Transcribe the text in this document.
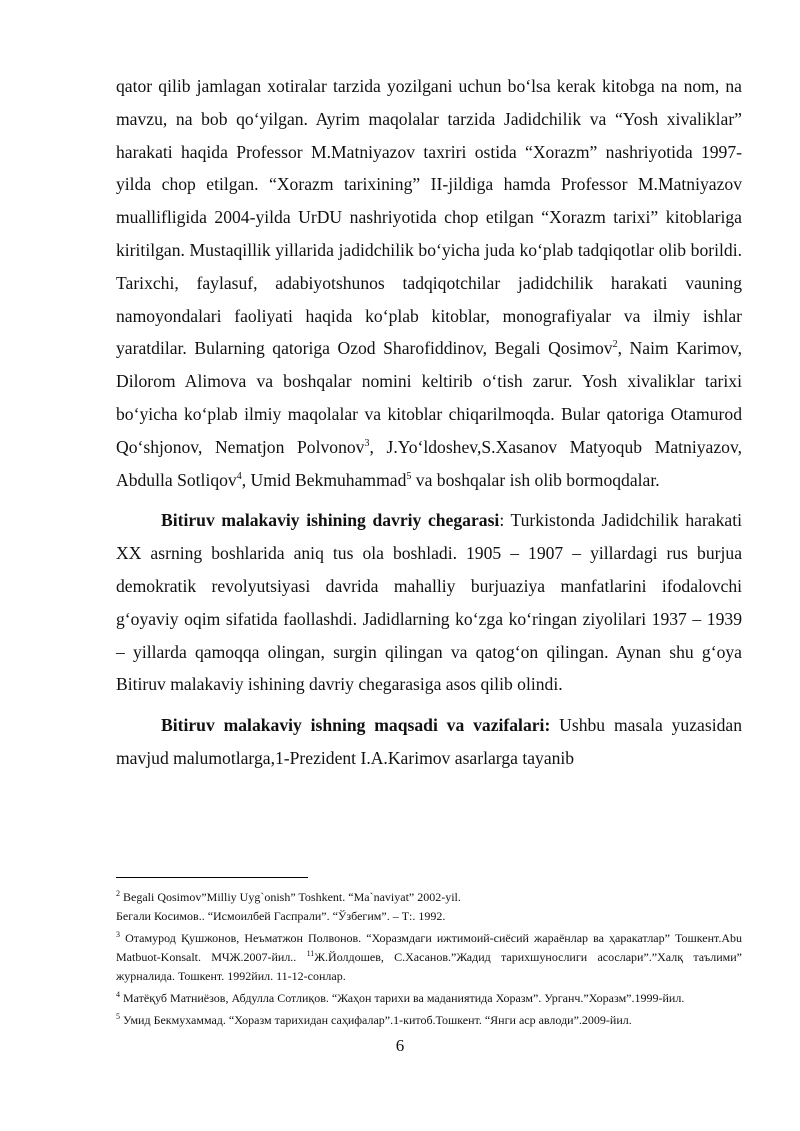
qator qilib jamlagan xotiralar tarzida yozilgani uchun bo‘lsa kerak kitobga na nom, na mavzu, na bob qo‘yilgan. Ayrim maqolalar tarzida Jadidchilik va “Yosh xivaliklar” harakati haqida Professor M.Matniyazov taxriri ostida “Xorazm” nashriyotida 1997-yilda chop etilgan. “Xorazm tarixining” II-jildiga hamda Professor M.Matniyazov muallifligida 2004-yilda UrDU nashriyotida chop etilgan “Xorazm tarixi” kitoblariga kiritilgan. Mustaqillik yillarida jadidchilik bo‘yicha juda ko‘plab tadqiqotlar olib borildi. Tarixchi, faylasuf, adabiyotshunos tadqiqotchilar jadidchilik harakati vauning namoyondalari faoliyati haqida ko‘plab kitoblar, monografiyalar va ilmiy ishlar yaratdilar. Bularning qatoriga Ozod Sharofiddinov, Begali Qosimov$^2$, Naim Karimov, Dilorom Alimova va boshqalar nomini keltirib o‘tish zarur. Yosh xivaliklar tarixi bo‘yicha ko‘plab ilmiy maqolalar va kitoblar chiqarilmoqda. Bular qatoriga Otamurod Qo‘shjonov, Nematjon Polvonov$^3$, J.Yo‘ldoshev,S.Xasanov Matyoqub Matniyazov, Abdulla Sotliqov$^4$, Umid Bekmuhammad$^5$ va boshqalar ish olib bormoqdalar.

Bitiruv malakaviy ishining davriy chegarasi: Turkistonda Jadidchilik harakati XX asrning boshlarida aniq tus ola boshladi. 1905 – 1907 – yillardagi rus burjua demokratik revolyutsiyasi davrida mahalliy burjuaziya manfatlarini ifodalovchi g‘oyaviy oqim sifatida faollashdi. Jadidlarning ko‘zga ko‘ringan ziyolilari 1937 – 1939 – yillarda qamoqqa olingan, surgin qilingan va qatog‘on qilingan. Aynan shu g‘oya Bitiruv malakaviy ishining davriy chegarasiga asos qilib olindi.

Bitiruv malakaviy ishning maqsadi va vazifalari: Ushbu masala yuzasidan mavjud malumotlarga,1-Prezident I.A.Karimov asarlarga tayanib

$^2$ Begali Qosimov”Milliy Uyg`onish” Toshkent. “Ma`naviyat” 2002-yil.
Бегали Косимов.. “Исмоилбей Гаспрали”. “Ўзбегим”. – Т:. 1992.
$^3$ Отамурод Қушжонов, Неъматжон Полвонов. “Хоразмдаги ижтимоий-сиёсий жараёнлар ва ҳаракатлар” Тошкент.Abu Matbuot-Konsalt. МЧЖ.2007-йил.. $^{11}$Ж.Йолдошев, С.Хасанов.”Жадид тарихшунослиги асослари”.”Халқ таълими” журналида. Тошкент. 1992йил. 11-12-сонлар.
$^4$ Матёқуб Матниёзов, Абдулла Сотлиқов. “Жаҳон тарихи ва маданиятида Хоразм”. Урганч.”Хоразм”.1999-йил.
$^5$ Умид Бекмухаммад. “Хоразм тарихидан саҳифалар”.1-китоб.Тошкент. “Янги аср авлоди”.2009-йил.
6
